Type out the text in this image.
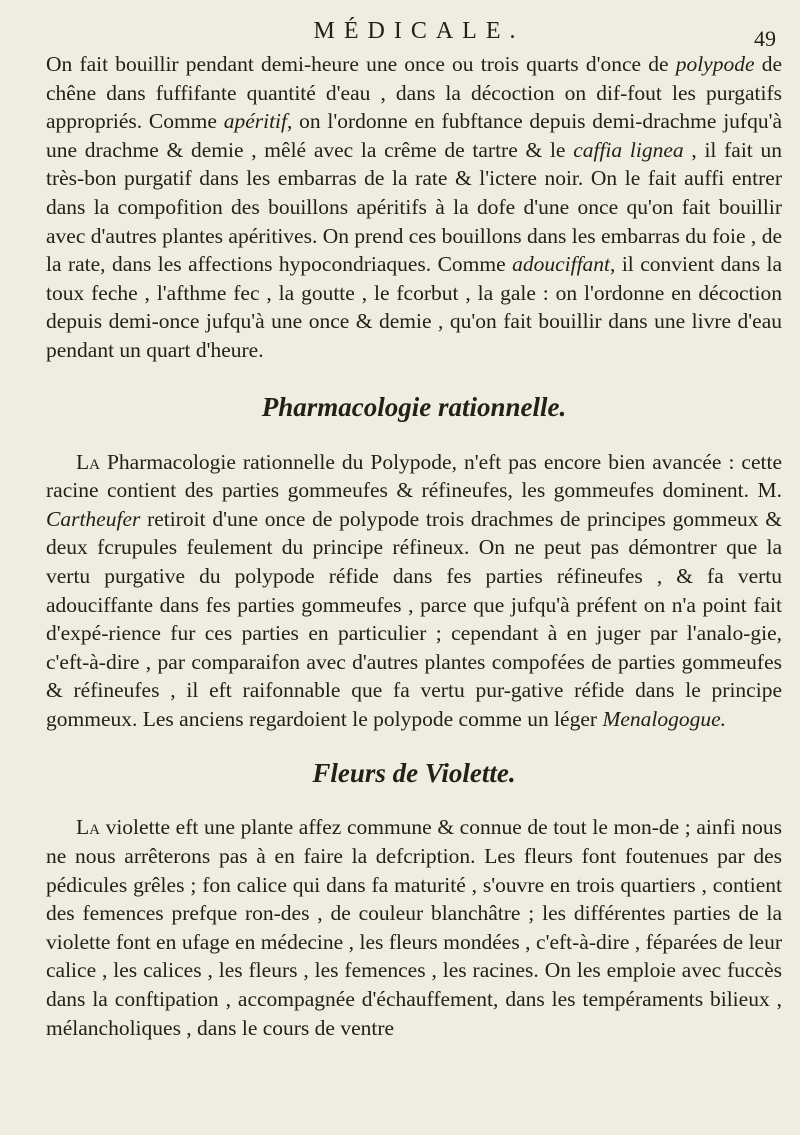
MÉDICALE.	49

On fait bouillir pendant demi-heure une once ou trois quarts d'once de polypode de chêne dans fuffifante quantité d'eau , dans la décoction on dif-fout les purgatifs appropriés. Comme apéritif, on l'ordonne en fubftance depuis demi-drachme jufqu'à une drachme & demie , mêlé avec la crême de tartre & le caffia lignea , il fait un très-bon purgatif dans les embarras de la rate & l'ictere noir. On le fait auffi entrer dans la compofition des bouillons apéritifs à la dofe d'une once qu'on fait bouillir avec d'autres plantes apéritives. On prend ces bouillons dans les embarras du foie , de la rate, dans les affections hypocondriaques. Comme adouciffant, il convient dans la toux feche , l'afthme fec , la goutte , le fcorbut , la gale : on l'ordonne en décoction depuis demi-once jufqu'à une once & demie , qu'on fait bouillir dans une livre d'eau pendant un quart d'heure.

Pharmacologie rationnelle.

La Pharmacologie rationnelle du Polypode, n'eft pas encore bien avancée : cette racine contient des parties gommeufes & réfineufes, les gommeufes dominent. M. Cartheufer retiroit d'une once de polypode trois drachmes de principes gommeux & deux fcrupules feulement du principe réfineux. On ne peut pas démontrer que la vertu purgative du polypode réfide dans fes parties réfineufes , & fa vertu adouciffante dans fes parties gommeufes , parce que jufqu'à préfent on n'a point fait d'expé-rience fur ces parties en particulier ; cependant à en juger par l'analo-gie, c'eft-à-dire , par comparaifon avec d'autres plantes compofées de parties gommeufes & réfineufes , il eft raifonnable que fa vertu pur-gative réfide dans le principe gommeux. Les anciens regardoient le polypode comme un léger Menalogogue.

Fleurs de Violette.

La violette eft une plante affez commune & connue de tout le mon-de ; ainfi nous ne nous arrêterons pas à en faire la defcription. Les fleurs font foutenues par des pédicules grêles ; fon calice qui dans fa maturité , s'ouvre en trois quartiers , contient des femences prefque ron-des , de couleur blanchâtre ; les différentes parties de la violette font en ufage en médecine , les fleurs mondées , c'eft-à-dire , féparées de leur calice , les calices , les fleurs , les femences , les racines. On les emploie avec fuccès dans la conftipation , accompagnée d'échauffement, dans les tempéraments bilieux , mélancholiques , dans le cours de ventre
